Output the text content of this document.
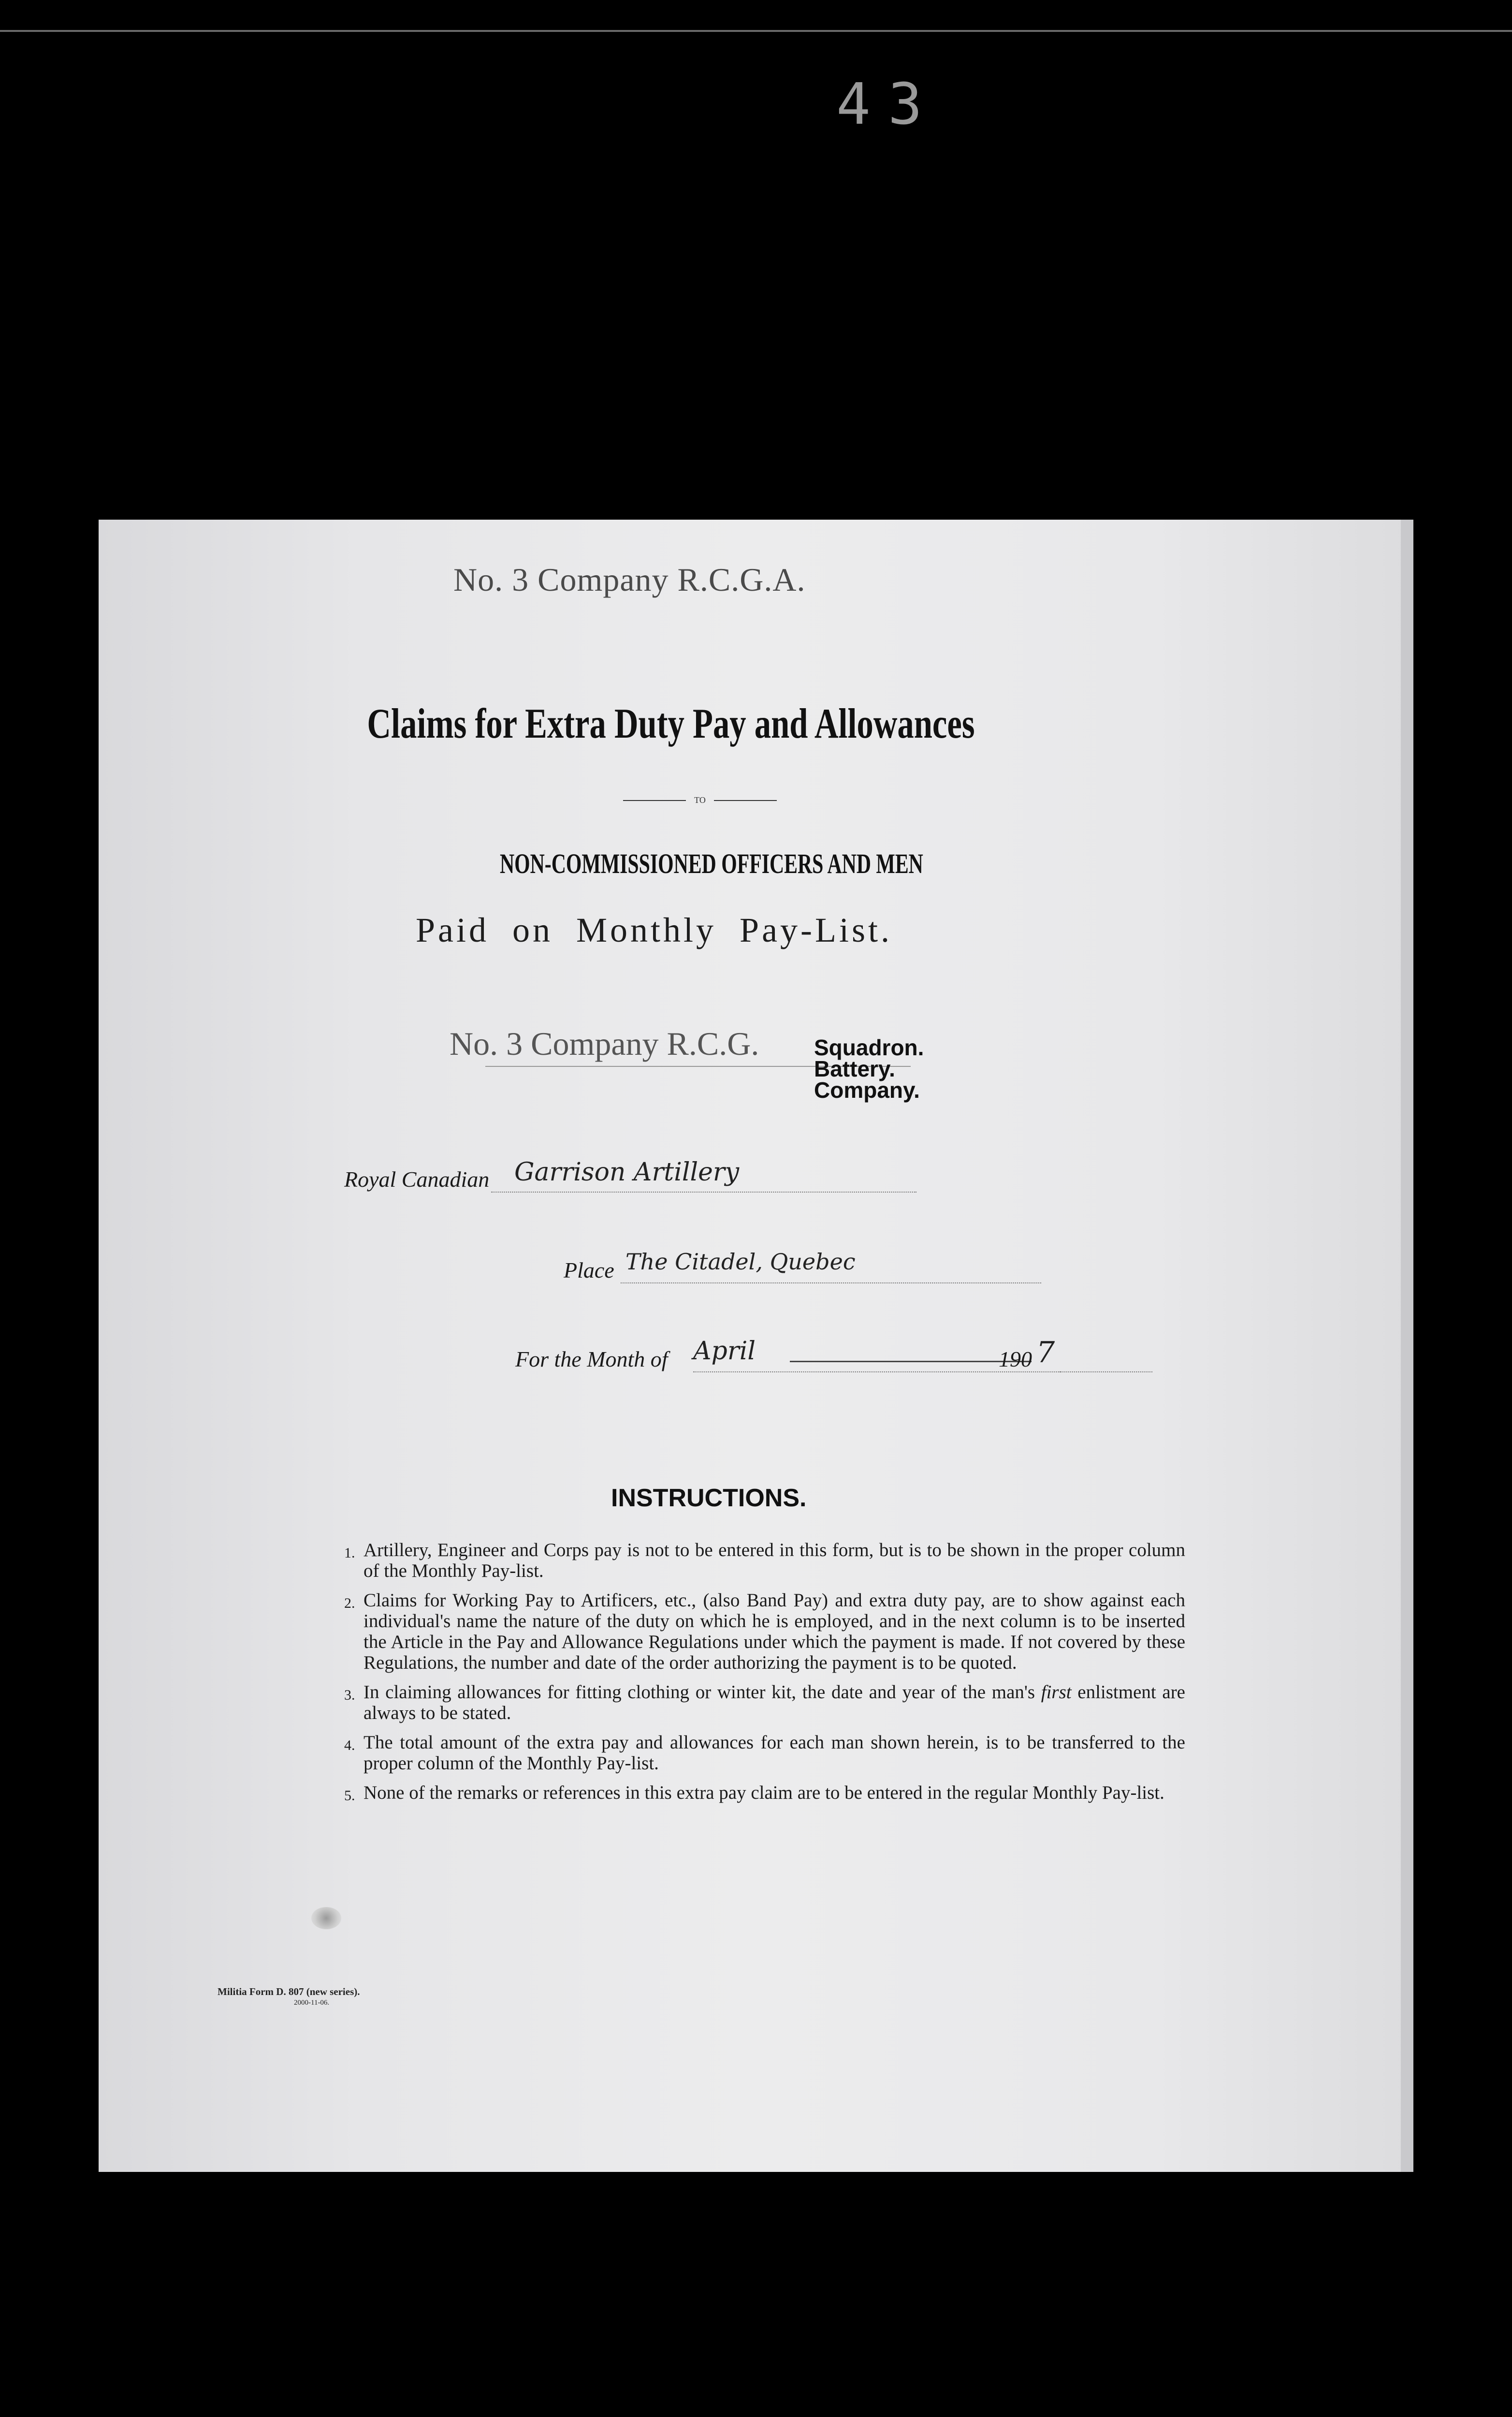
43
No. 3 Company R.C.G.A.
Claims for Extra Duty Pay and Allowances
TO
NON-COMMISSIONED OFFICERS AND MEN
Paid on Monthly Pay-List.
No. 3 Company R.C.G. Squadron.
Battery.
Company.
Royal Canadian Garrison Artillery
Place The Citadel, Quebec
For the Month of April	190 7
INSTRUCTIONS.
1. Artillery, Engineer and Corps pay is not to be entered in this form, but is to be shown in the proper column of the Monthly Pay-list.
2. Claims for Working Pay to Artificers, etc., (also Band Pay) and extra duty pay, are to show against each individual's name the nature of the duty on which he is employed, and in the next column is to be inserted the Article in the Pay and Allowance Regulations under which the payment is made. If not covered by these Regulations, the number and date of the order authorizing the payment is to be quoted.
3. In claiming allowances for fitting clothing or winter kit, the date and year of the man's first enlistment are always to be stated.
4. The total amount of the extra pay and allowances for each man shown herein, is to be transferred to the proper column of the Monthly Pay-list.
5. None of the remarks or references in this extra pay claim are to be entered in the regular Monthly Pay-list.
Militia Form D. 807 (new series).
2000-11-06.
